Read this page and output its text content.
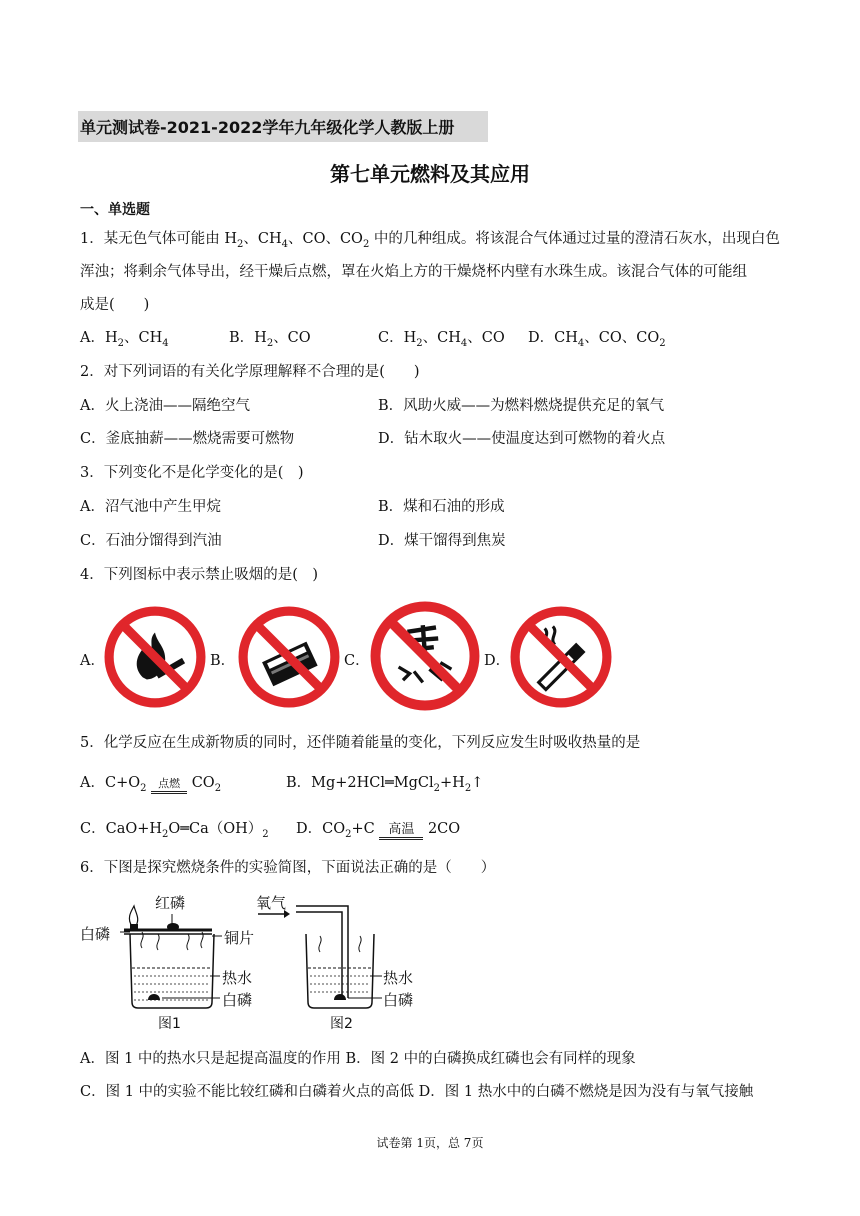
单元测试卷-2021-2022学年九年级化学人教版上册
第七单元燃料及其应用
一、单选题
1．某无色气体可能由 $H_2$、$CH_4$、CO、$CO_2$ 中的几种组成。将该混合气体通过过量的澄清石灰水，出现白色
浑浊；将剩余气体导出，经干燥后点燃，罩在火焰上方的干燥烧杯内壁有水珠生成。该混合气体的可能组
成是(　　)
A．$H_2$、$CH_4$	B．$H_2$、CO	C．$H_2$、$CH_4$、CO D．$CH_4$、CO、$CO_2$
2．对下列词语的有关化学原理解释不合理的是(　　)
A．火上浇油——隔绝空气	B．风助火威——为燃料燃烧提供充足的氧气
C．釜底抽薪——燃烧需要可燃物	D．钻木取火——使温度达到可燃物的着火点
3．下列变化不是化学变化的是(　)
A．沼气池中产生甲烷	B．煤和石油的形成
C．石油分馏得到汽油	D．煤干馏得到焦炭
4．下列图标中表示禁止吸烟的是(　)
A．	B．	C．	D．
5．化学反应在生成新物质的同时，还伴随着能量的变化，下列反应发生时吸收热量的是
A．$C+O_2$ 点燃 $CO_2$	B．$Mg+2HCl═MgCl_2+H_2↑$
C．$CaO+H_2O═Ca(OH)_2$ D．$CO_2+C$ 高温 2CO
6．下图是探究燃烧条件的实验简图，下面说法正确的是（　　）
红磷
白磷	铜片
热水
白磷
图1
氧气
热水
白磷
图2
A．图 1 中的热水只是起提高温度的作用 B．图 2 中的白磷换成红磷也会有同样的现象
C．图 1 中的实验不能比较红磷和白磷着火点的高低 D．图 1 热水中的白磷不燃烧是因为没有与氧气接触
试卷第 1页，总 7页
